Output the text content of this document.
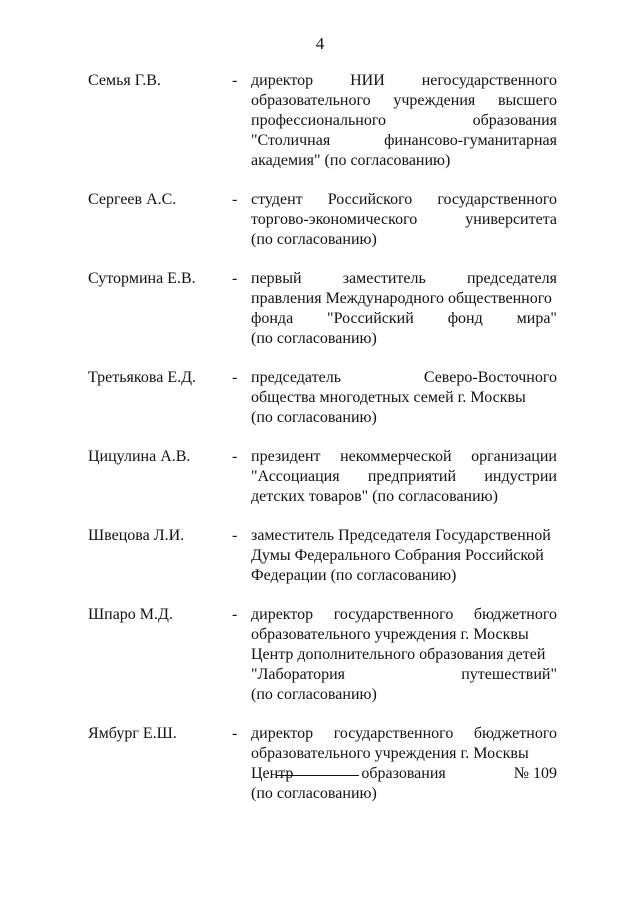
4
Семья Г.В.	- директор НИИ негосударственного
образовательного учреждения высшего
профессионального	образования
"Столичная	финансово-гуманитарная
академия" (по согласованию)
Сергеев А.С.	- студент Российского государственного
торгово-экономического	университета
(по согласованию)
Сутормина Е.В. - первый	заместитель	председателя
правления Международного общественного
фонда "Российский фонд мира"
(по согласованию)
Третьякова Е.Д. - председатель	Северо-Восточного
общества многодетных семей г. Москвы
(по согласованию)
Цицулина А.В.	- президент некоммерческой организации
"Ассоциация предприятий индустрии
детских товаров" (по согласованию)
Швецова Л.И.	- заместитель Председателя Государственной
Думы Федерального Собрания Российской
Федерации (по согласованию)
Шпаро М.Д.	- директор государственного бюджетного
образовательного учреждения г. Москвы
Центр дополнительного образования детей
"Лаборатория	путешествий"
(по согласованию)
Ямбург Е.Ш.	- директор государственного бюджетного
образовательного учреждения г. Москвы
Центр	образования	№ 109
(по согласованию)
